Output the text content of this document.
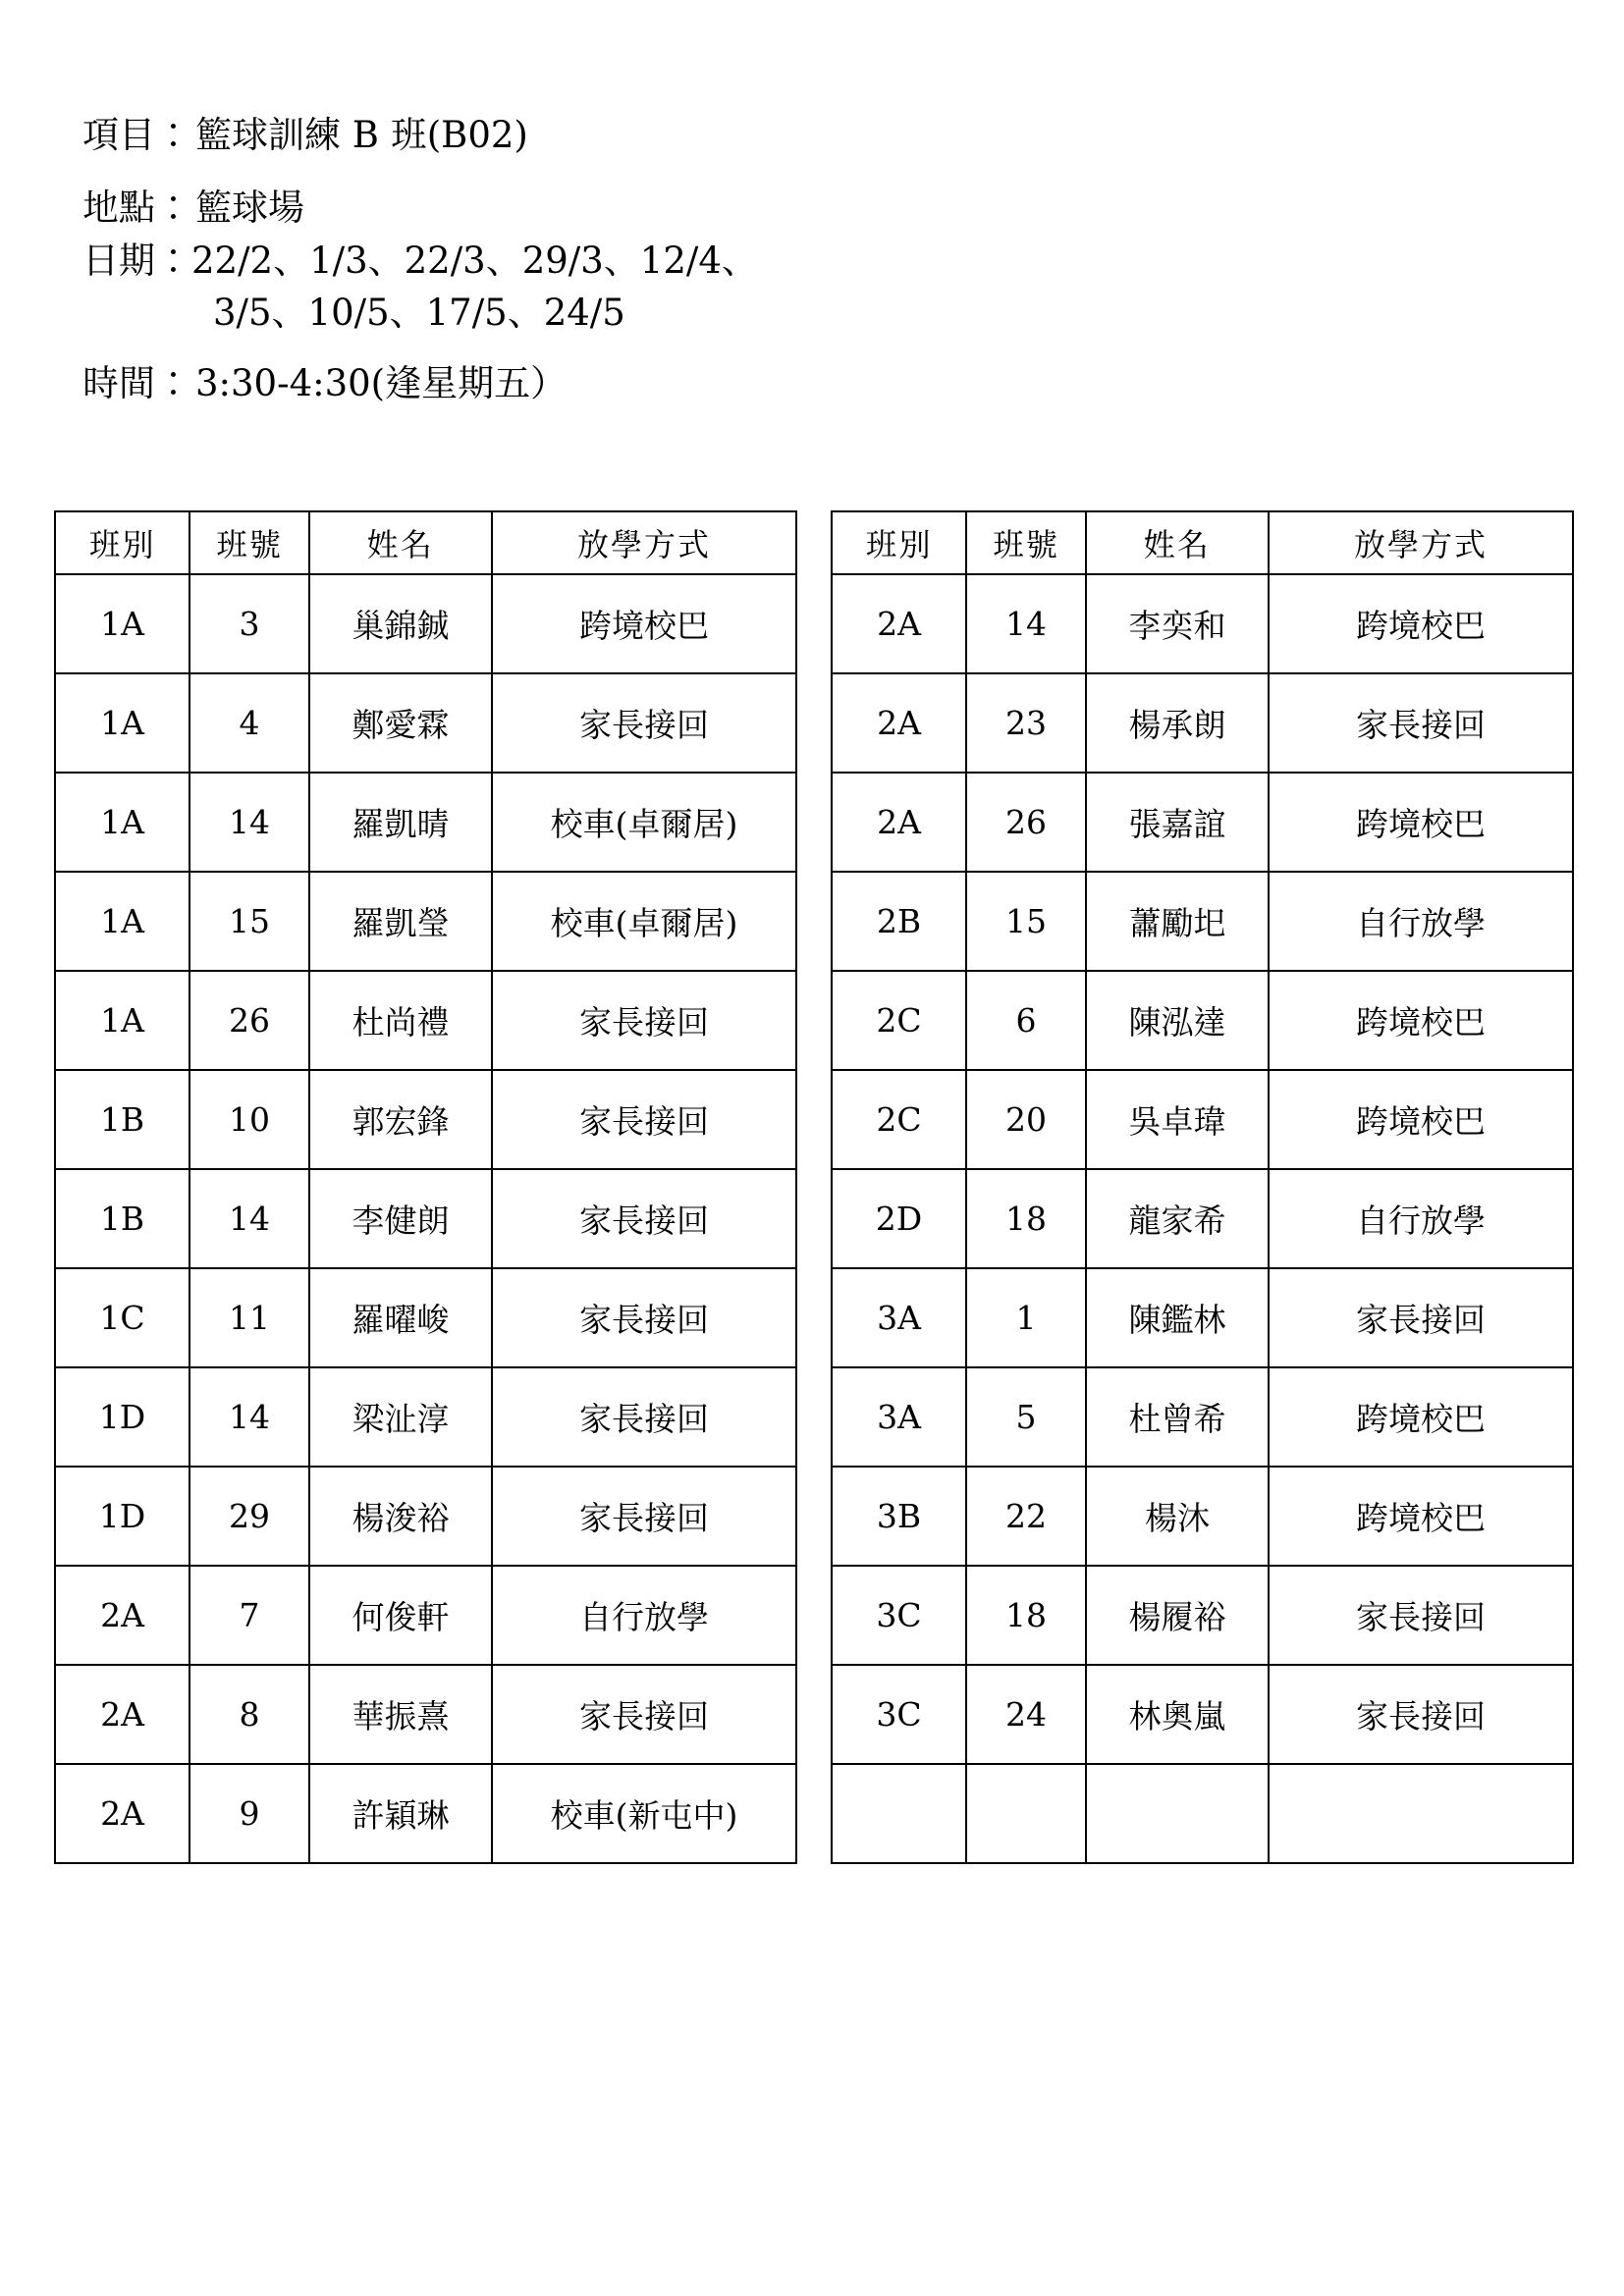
項目： 籃球訓練 B 班(B02)
地點： 籃球場
日期： 22/2、1/3、22/3、29/3、12/4、
3/5、10/5、17/5、24/5
時間： 3:30-4:30(逢星期五）
班別	班號	姓名	放學方式
1A	3	巢錦鋮	跨境校巴
1A	4	鄭愛霖	家長接回
1A	14	羅凱晴	校車(卓爾居)
1A	15	羅凱瑩	校車(卓爾居)
1A	26	杜尚禮	家長接回
1B	10	郭宏鋒	家長接回
1B	14	李健朗	家長接回
1C	11	羅曜峻	家長接回
1D	14	梁沚淳	家長接回
1D	29	楊浚裕	家長接回
2A	7	何俊軒	自行放學
2A	8	華振熹	家長接回
2A	9	許穎琳	校車(新屯中)
班別	班號	姓名	放學方式
2A	14	李奕和	跨境校巴
2A	23	楊承朗	家長接回
2A	26	張嘉誼	跨境校巴
2B	15	蕭勵圯	自行放學
2C	6	陳泓達	跨境校巴
2C	20	吳卓瑋	跨境校巴
2D	18	龍家希	自行放學
3A	1	陳鑑林	家長接回
3A	5	杜曾希	跨境校巴
3B	22	楊沐	跨境校巴
3C	18	楊履裕	家長接回
3C	24	林奧嵐	家長接回
